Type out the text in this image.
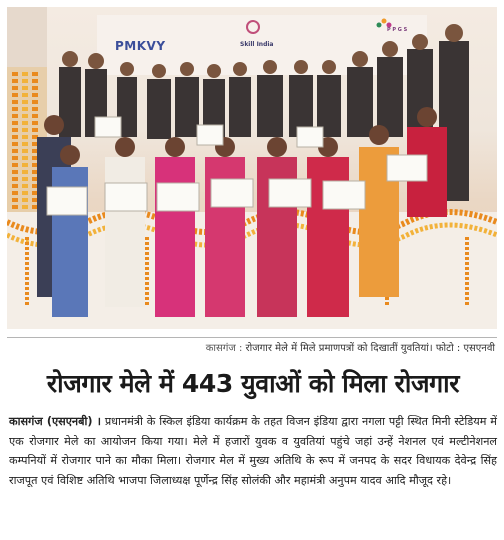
PMKVY	Skill India
P P G S
कासगंज : रोजगार मेले में मिले प्रमाणपत्रों को दिखातीं युवतियां। फोटो : एसएनवी
रोजगार मेले में 443 युवाओं को मिला रोजगार
कासगंज (एसएनबी) । प्रधानमंत्री के स्किल इंडिया कार्यक्रम के तहत विजन इंडिया द्वारा नगला पट्टी स्थित मिनी स्टेडियम में एक रोजगार मेले का आयोजन किया गया। मेले में हजारों युवक व युवतियां पहुंचे जहां उन्हें नेशनल एवं मल्टीनेशनल कम्पनियों में रोजगार पाने का मौका मिला। रोजगार मेल में मुख्य अतिथि के रूप में जनपद के सदर विधायक देवेन्द्र सिंह राजपूत एवं विशिष्ट अतिथि भाजपा जिलाध्यक्ष पूर्णेन्द्र सिंह सोलंकी और महामंत्री अनुपम यादव आदि मौजूद रहे।
